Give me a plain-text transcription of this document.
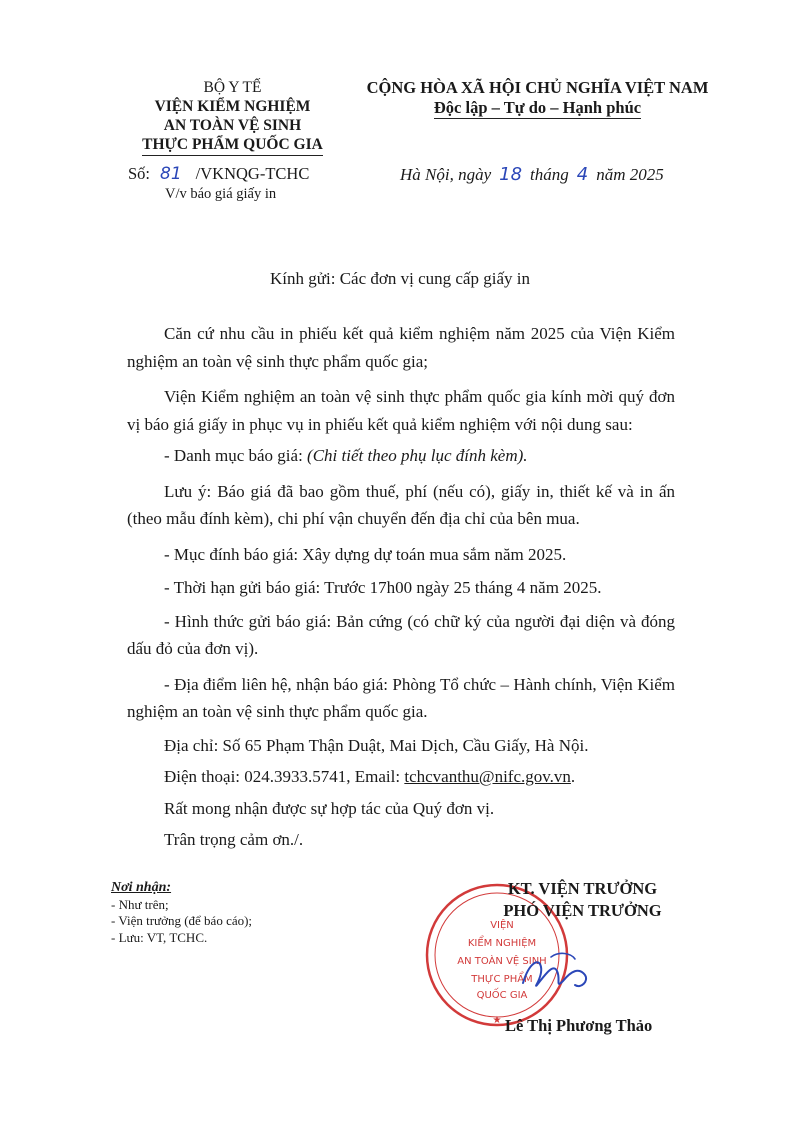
BỘ Y TẾ
VIỆN KIỂM NGHIỆM
AN TOÀN VỆ SINH
THỰC PHẨM QUỐC GIA
CỘNG HÒA XÃ HỘI CHỦ NGHĨA VIỆT NAM
Độc lập – Tự do – Hạnh phúc
Số: 81 /VKNQG-TCHC
V/v báo giá giấy in
Hà Nội, ngày 18 tháng 4 năm 2025
Kính gửi: Các đơn vị cung cấp giấy in

Căn cứ nhu cầu in phiếu kết quả kiểm nghiệm năm 2025 của Viện Kiểm nghiệm an toàn vệ sinh thực phẩm quốc gia;

Viện Kiểm nghiệm an toàn vệ sinh thực phẩm quốc gia kính mời quý đơn vị báo giá giấy in phục vụ in phiếu kết quả kiểm nghiệm với nội dung sau:

- Danh mục báo giá: (Chi tiết theo phụ lục đính kèm).

Lưu ý: Báo giá đã bao gồm thuế, phí (nếu có), giấy in, thiết kế và in ấn (theo mẫu đính kèm), chi phí vận chuyển đến địa chỉ của bên mua.

- Mục đính báo giá: Xây dựng dự toán mua sắm năm 2025.

- Thời hạn gửi báo giá: Trước 17h00 ngày 25 tháng 4 năm 2025.

- Hình thức gửi báo giá: Bản cứng (có chữ ký của người đại diện và đóng dấu đỏ của đơn vị).

- Địa điểm liên hệ, nhận báo giá: Phòng Tổ chức – Hành chính, Viện Kiểm nghiệm an toàn vệ sinh thực phẩm quốc gia.

Địa chỉ: Số 65 Phạm Thận Duật, Mai Dịch, Cầu Giấy, Hà Nội.

Điện thoại: 024.3933.5741, Email: tchcvanthu@nifc.gov.vn.

Rất mong nhận được sự hợp tác của Quý đơn vị.

Trân trọng cảm ơn./.

Nơi nhận:
- Như trên;
- Viện trưởng (để báo cáo);
- Lưu: VT, TCHC.
VIỆN
KIỂM NGHIỆM
AN TOÀN VỆ SINH
THỰC PHẨM
QUỐC GIA
★
KT. VIỆN TRƯỞNG
PHÓ VIỆN TRƯỞNG
Lê Thị Phương Thảo
